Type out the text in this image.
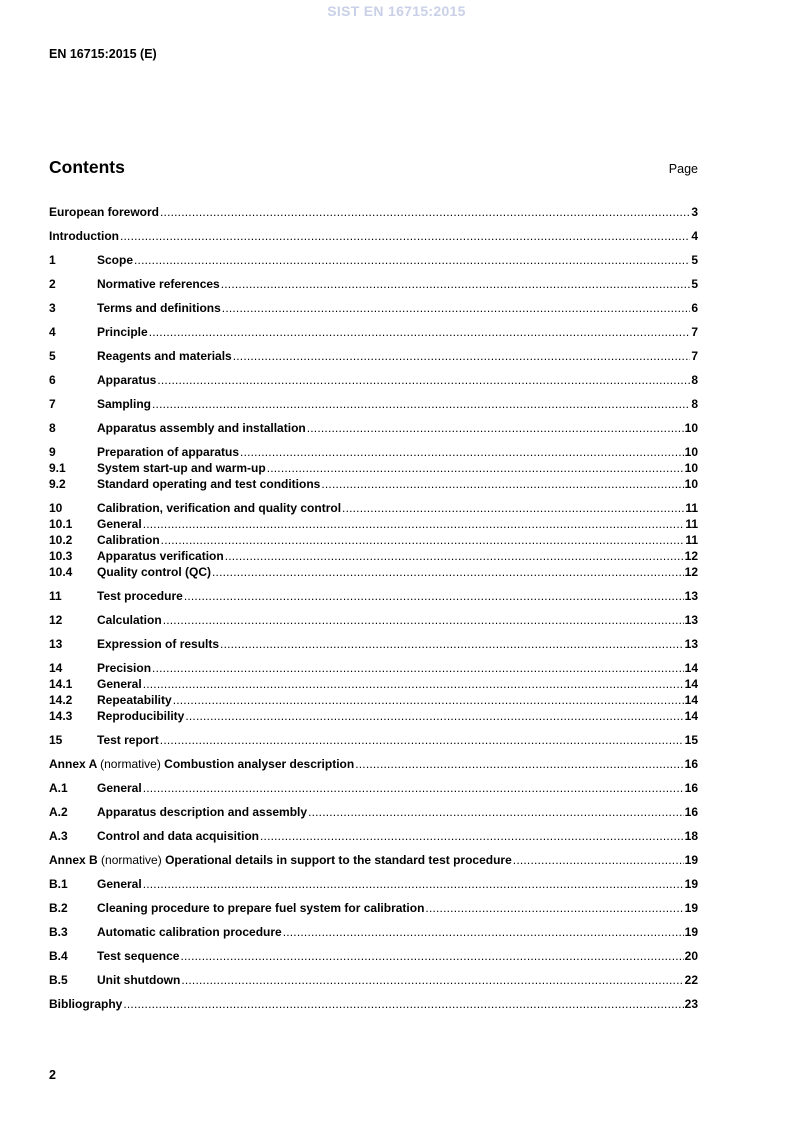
SIST EN 16715:2015
EN 16715:2015 (E)
Contents	Page
European foreword .....	3
Introduction .....	4
1	Scope .....	5
2	Normative references .....	5
3	Terms and definitions .....	6
4	Principle .....	7
5	Reagents and materials .....	7
6	Apparatus .....	8
7	Sampling .....	8
8	Apparatus assembly and installation .....	10
9	Preparation of apparatus .....	10
9.1	System start-up and warm-up .....	10
9.2	Standard operating and test conditions .....	10
10	Calibration, verification and quality control .....	11
10.1	General .....	11
10.2	Calibration .....	11
10.3	Apparatus verification .....	12
10.4	Quality control (QC) .....	12
11	Test procedure .....	13
12	Calculation .....	13
13	Expression of results .....	13
14	Precision .....	14
14.1	General .....	14
14.2	Repeatability .....	14
14.3	Reproducibility .....	14
15	Test report .....	15
Annex A (normative) Combustion analyser description .....	16
A.1	General .....	16
A.2	Apparatus description and assembly .....	16
A.3	Control and data acquisition .....	18
Annex B (normative) Operational details in support to the standard test procedure .....	19
B.1	General .....	19
B.2	Cleaning procedure to prepare fuel system for calibration .....	19
B.3	Automatic calibration procedure .....	19
B.4	Test sequence .....	20
B.5	Unit shutdown .....	22
Bibliography .....	23
2
